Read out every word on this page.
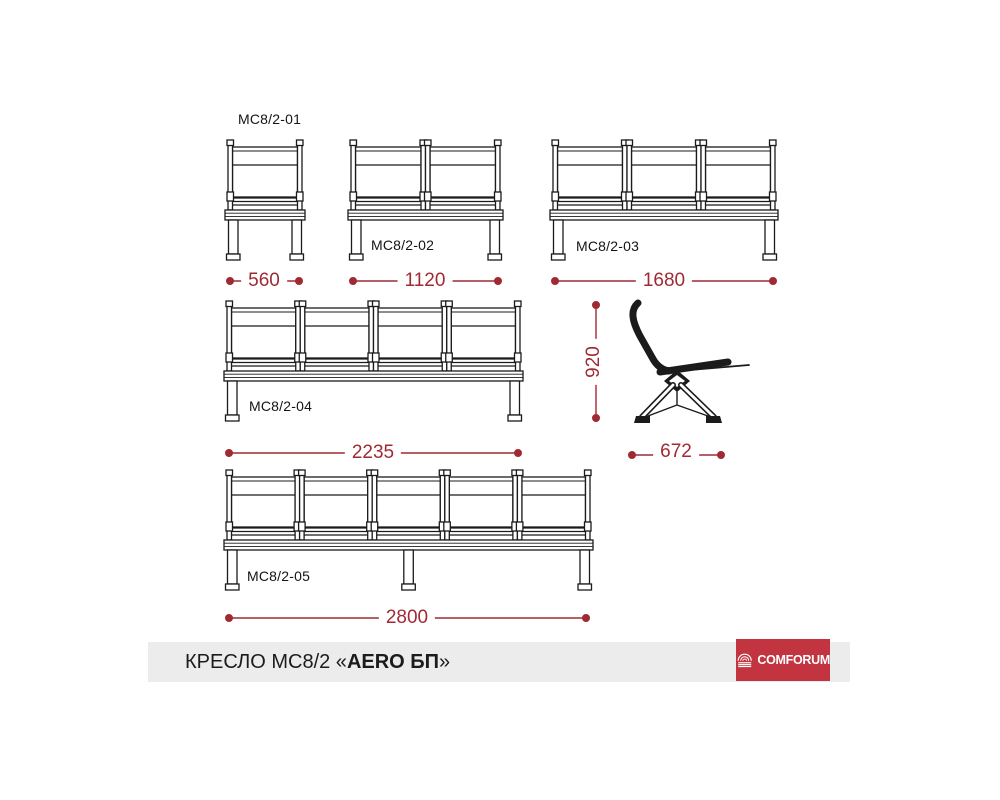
МС8/2-01
МС8/2-02	МС8/2-03
МС8/2-04
МС8/2-05
560	1120	1680
2235
2800
920
672
КРЕСЛО МС8/2 «AERO БП»	COMFORUM
